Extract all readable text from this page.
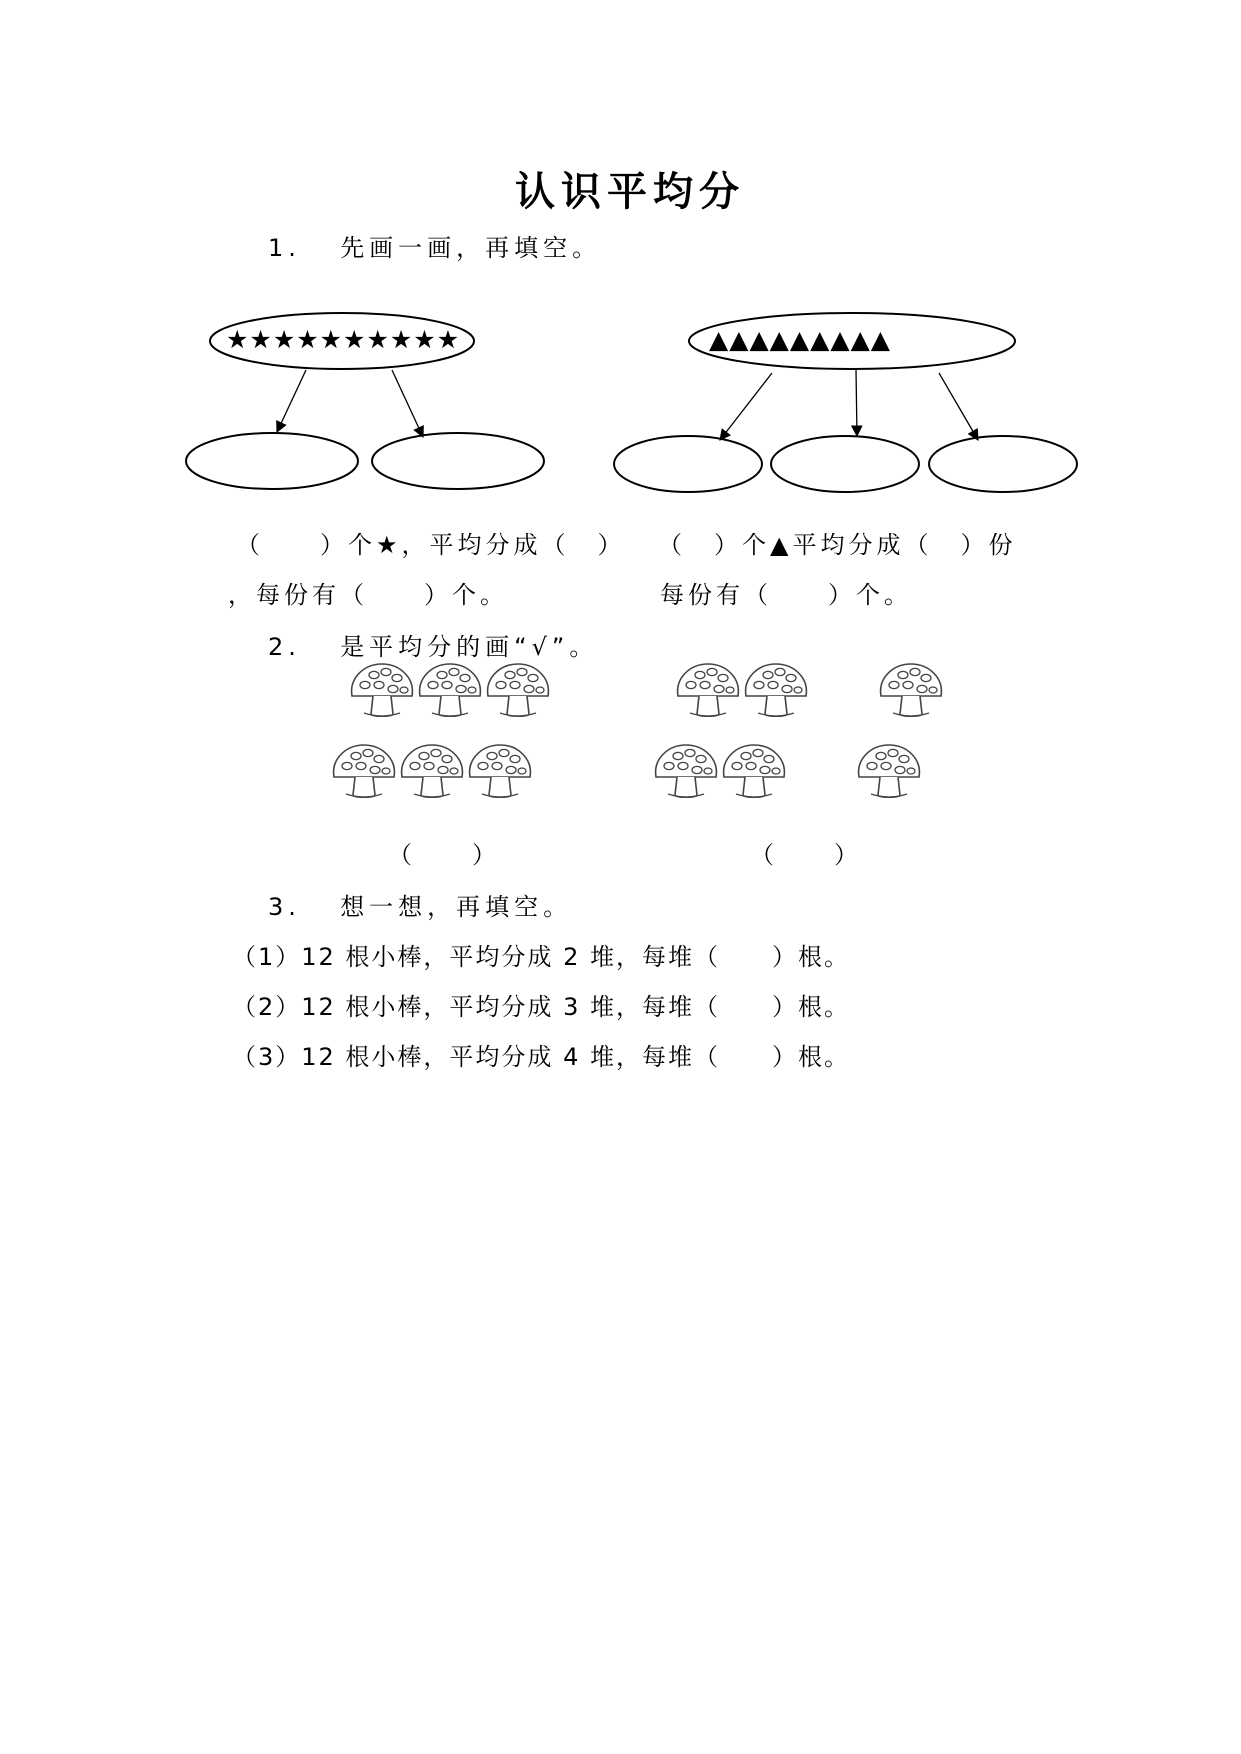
认识平均分
1. 先画一画，再填空。
★★★★★★★★★★	▲▲▲▲▲▲▲▲▲
（　　）个★，平均分成（　）
，每份有（　　）个。
（　）个▲平均分成（　）份
每份有（　　）个。
2. 是平均分的画“√”。
（　　）	（　　）
3. 想一想，再填空。
（1）12 根小棒，平均分成 2 堆，每堆（　　）根。
（2）12 根小棒，平均分成 3 堆，每堆（　　）根。
（3）12 根小棒，平均分成 4 堆，每堆（　　）根。
